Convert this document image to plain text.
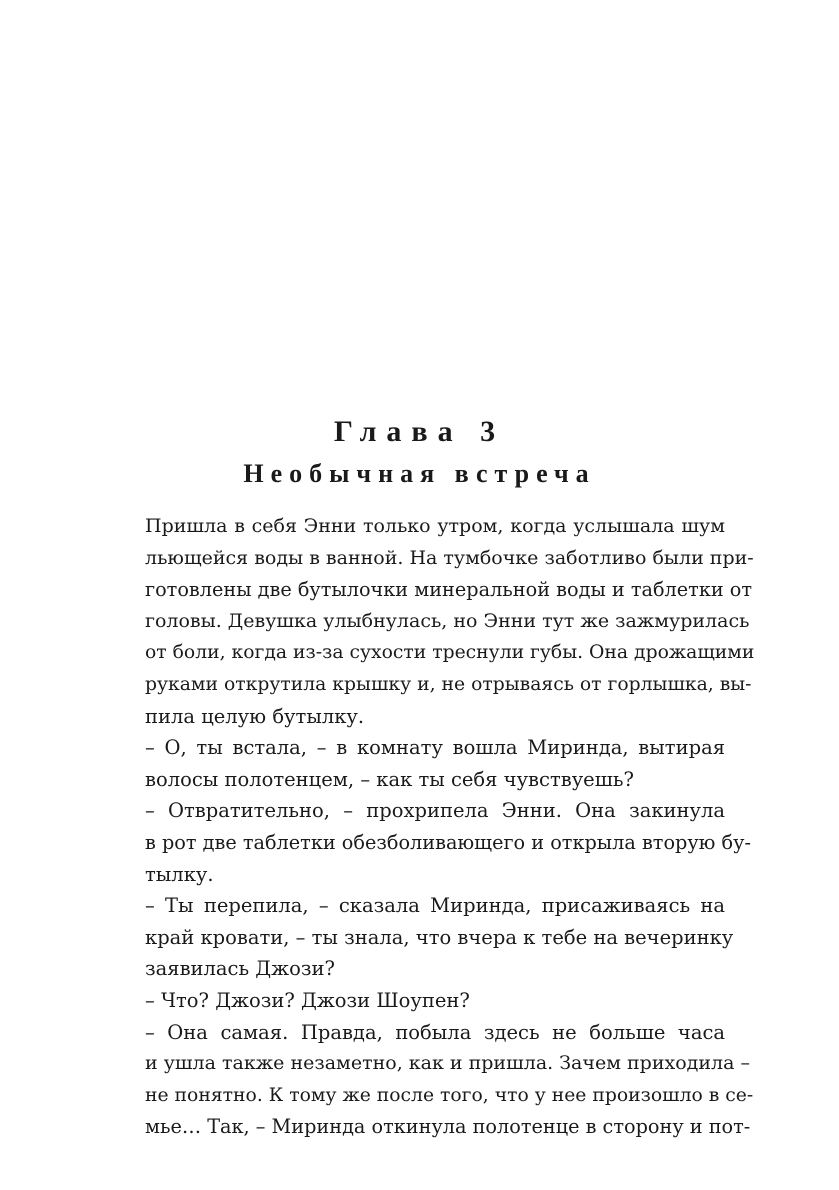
Глава 3
Необычная встреча

Пришла в себя Энни только утром, когда услышала шум
льющейся воды в ванной. На тумбочке заботливо были при-
готовлены две бутылочки минеральной воды и таблетки от
головы. Девушка улыбнулась, но Энни тут же зажмурилась
от боли, когда из-за сухости треснули губы. Она дрожащими
руками открутила крышку и, не отрываясь от горлышка, вы-
пила целую бутылку.

– О, ты встала, – в комнату вошла Миринда, вытирая
волосы полотенцем, – как ты себя чувствуешь?

– Отвратительно, – прохрипела Энни. Она закинула
в рот две таблетки обезболивающего и открыла вторую бу-
тылку.

– Ты перепила, – сказала Миринда, присаживаясь на
край кровати, – ты знала, что вчера к тебе на вечеринку
заявилась Джози?

– Что? Джози? Джози Шоупен?

– Она самая. Правда, побыла здесь не больше часа
и ушла также незаметно, как и пришла. Зачем приходила –
не понятно. К тому же после того, что у нее произошло в се-
мье… Так, – Миринда откинула полотенце в сторону и пот-
